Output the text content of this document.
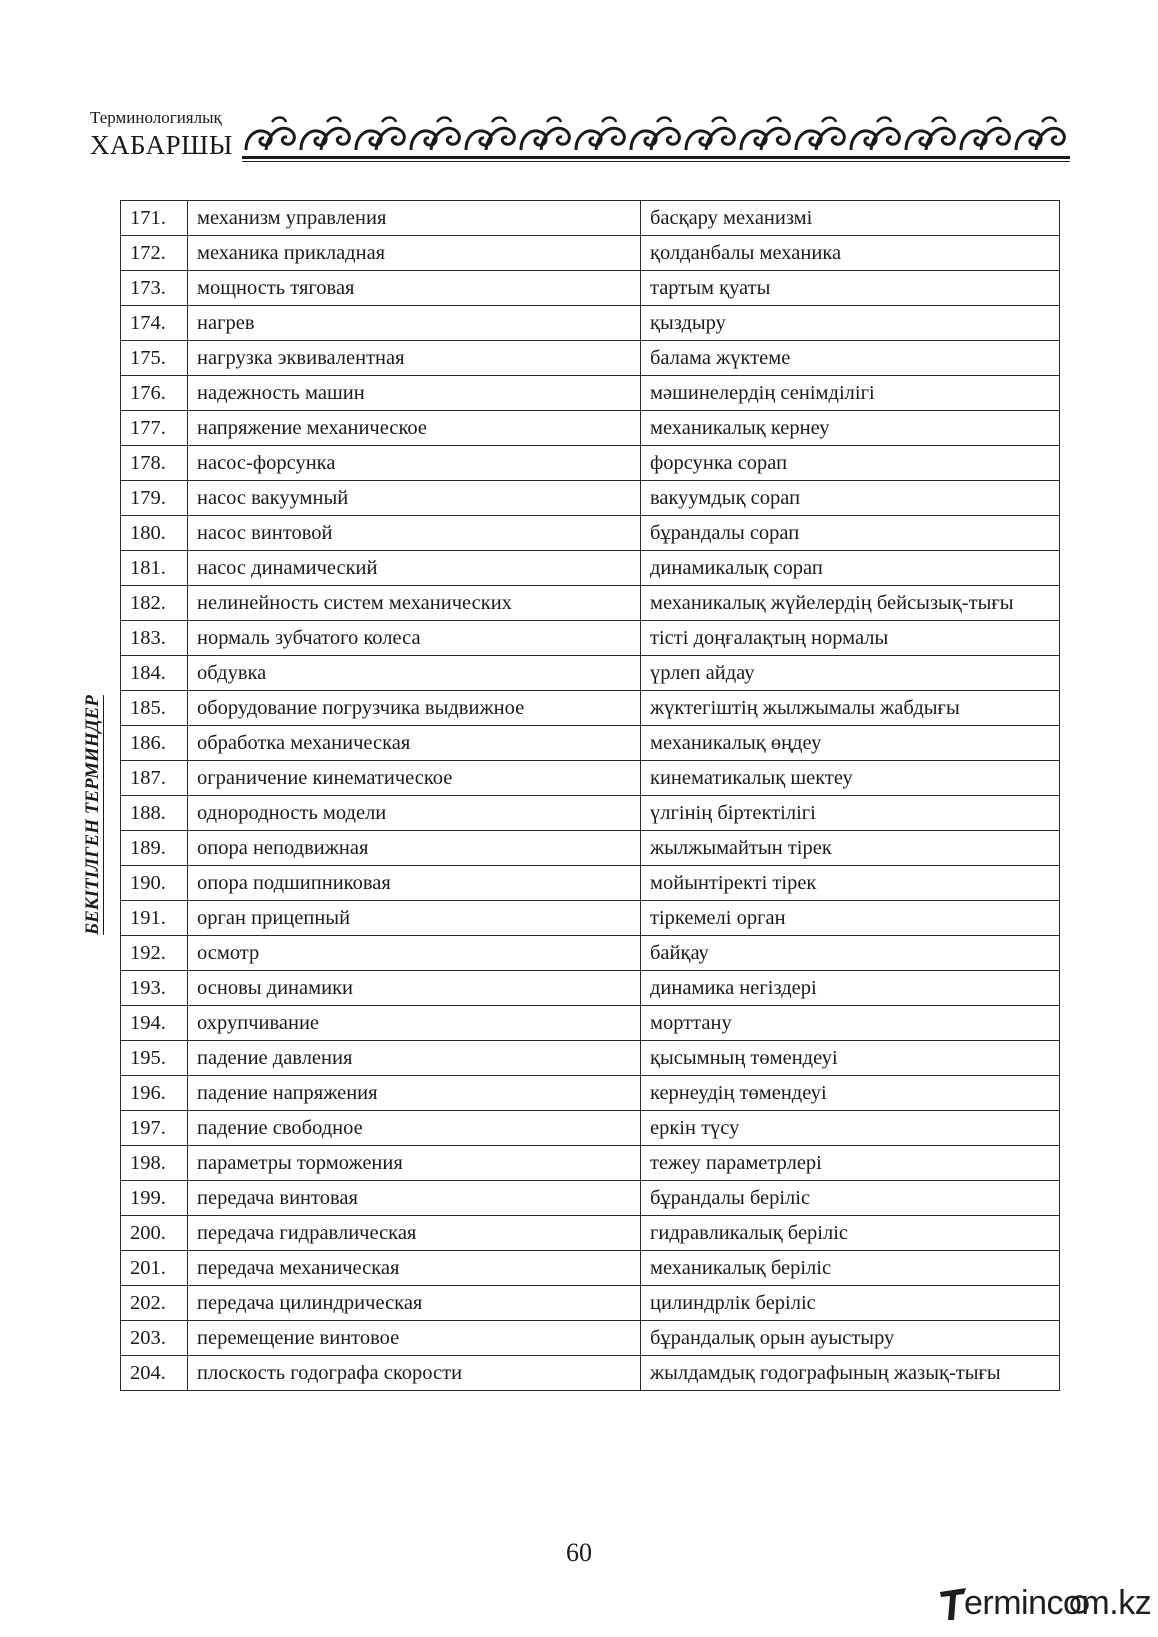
Терминологиялық
ХАБАРШЫ
БЕКІТІЛГЕН ТЕРМИНДЕР
171.	механизм управления	басқару механизмі
172.	механика прикладная	қолданбалы механика
173.	мощность тяговая	тартым қуаты
174.	нагрев	қыздыру
175.	нагрузка эквивалентная	балама жүктеме
176.	надежность машин	мәшинелердің сенімділігі
177.	напряжение механическое	механикалық кернеу
178.	насос-форсунка	форсунка сорап
179.	насос вакуумный	вакуумдық сорап
180.	насос винтовой	бұрандалы сорап
181.	насос динамический	динамикалық сорап
182.	нелинейность систем механических	механикалық жүйелердің бейсызық-тығы
183.	нормаль зубчатого колеса	тісті доңғалақтың нормалы
184.	обдувка	үрлеп айдау
185.	оборудование погрузчика выдвижное	жүктегіштің жылжымалы жабдығы
186.	обработка механическая	механикалық өңдеу
187.	ограничение кинематическое	кинематикалық шектеу
188.	однородность модели	үлгінің біртектілігі
189.	опора неподвижная	жылжымайтын тірек
190.	опора подшипниковая	мойынтіректі тірек
191.	орган прицепный	тіркемелі орган
192.	осмотр	байқау
193.	основы динамики	динамика негіздері
194.	охрупчивание	морттану
195.	падение давления	қысымның төмендеуі
196.	падение напряжения	кернеудің төмендеуі
197.	падение свободное	еркін түсу
198.	параметры торможения	тежеу параметрлері
199.	передача винтовая	бұрандалы беріліс
200.	передача гидравлическая	гидравликалық беріліс
201.	передача механическая	механикалық беріліс
202.	передача цилиндрическая	цилиндрлік беріліс
203.	перемещение винтовое	бұрандалық орын ауыстыру
204.	плоскость годографа скорости	жылдамдық годографының жазық-тығы
60
ermincom.kz
